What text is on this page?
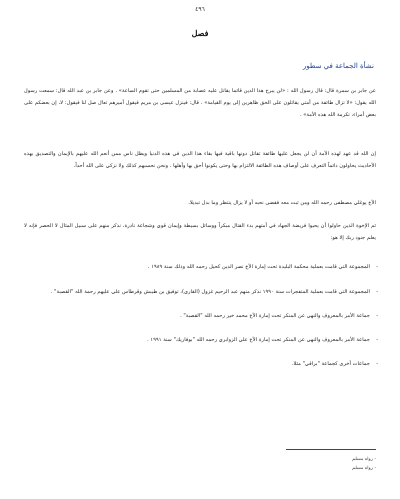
٤٩٦
فصل
نشأة الجماعة في سطور

عن جابر بن سمرة قال: قال رسول الله : «لن يبرح هذا الدين قائما يقاتل عليه عصابة من المسلمين حتى تقوم الساعة» . وعن جابر بن عبد الله قال: سمعت رسول الله يقول: «لا تزال طائفة من أمتي يقاتلون على الحق ظاهرين إلى يوم القيامة» . قال: فينزل عيسى بن مريم فيقول أميرهم تعال صل لنا فيقول: لا، إن بعضكم على بعض أمراء، تكرمة الله هذه الأمة» .

إن الله قد عهد لهذه الأمة أن لن يجعل عليها طائفة تقاتل دونها باقية فيها بقاء هذا الدين في هذه الدنيا ويظل ناس ممن أنعم الله عليهم بالإيمان والتصديق بهذه الأحاديث يحاولون دائماً التعرف على أوصاف هذه الطائفة الالتزام بها وحتى يكونوا أحق بها وأهلها . ونحن نحسبهم كذلك ولا نزكي على الله أحداً.

الأخ يوغلي مصطفى رحمه الله ومن ثبت معه فقضى نحبه أو لا يزال ينتظر وما بدل تبديلا.

ثم الإخوة الذين حاولوا أن يحيوا فريضة الجهاد في أمتهم بدء القتال مبكراً ووسائل بسيطة وإيمان قوي وشجاعة نادرة، نذكر منهم على سبيل المثال لا الحصر فإنه لا يعلم جنود ربك إلا هو:

- المجموعة التي قامت بعملية محكمة البليدة تحت إمارة الأخ نصر الدين كحيل رحمه الله وذلك سنة ١٩٨٩ .
- المجموعة التي قامت بعملية المتفجرات سنة ١٩٩٠ نذكر منهم عبد الرحيم غزول (القاري)، توفيق بن طيبش وقرطاس علي عليهم رحمة الله "القصبة" .
- جماعة الأمر بالمعروف والنهي عن المنكر تحت إمارة الأخ محمد خير رحمه الله "القصبة" .
- جماعة الأمر بالمعروف والنهي عن المنكر تحت إمارة الأخ علي الزوابري رحمه الله "بوفاريك" سنة ١٩٩١ .
- جماعات أخرى كجماعة "براقي" مثلا.
- رواه مسلم
- رواه مسلم
